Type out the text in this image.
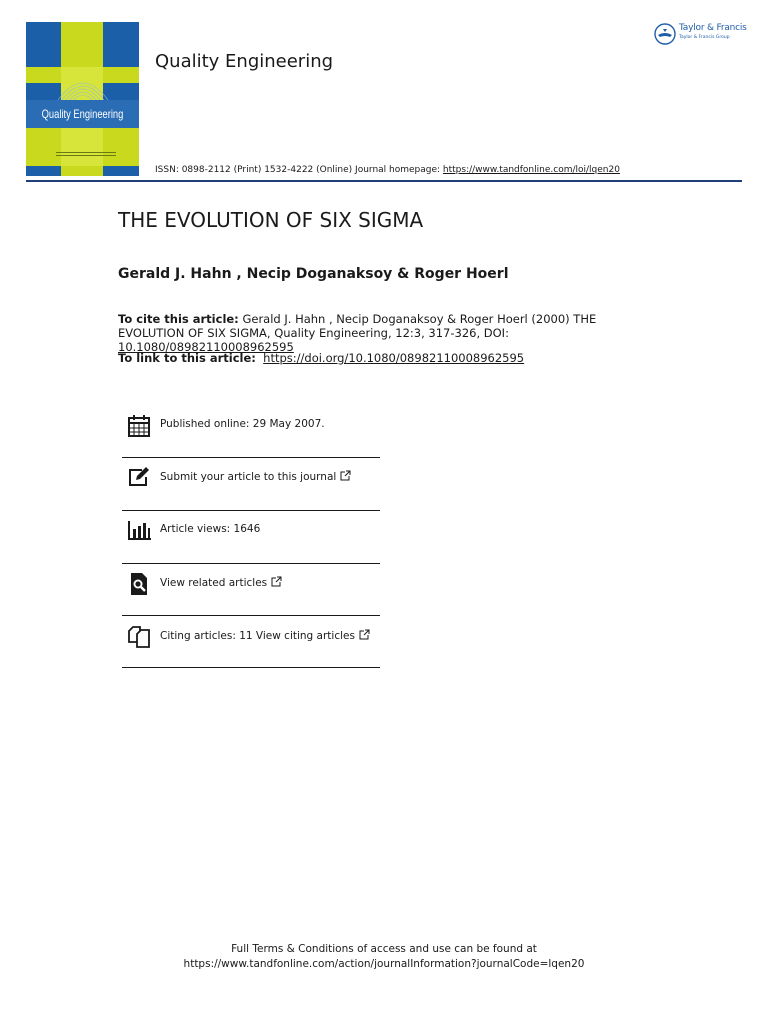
Quality Engineering
Quality Engineering
Taylor & Francis
Taylor & Francis Group
ISSN: 0898-2112 (Print) 1532-4222 (Online) Journal homepage: https://www.tandfonline.com/loi/lqen20
THE EVOLUTION OF SIX SIGMA
Gerald J. Hahn , Necip Doganaksoy & Roger Hoerl
To cite this article: Gerald J. Hahn , Necip Doganaksoy & Roger Hoerl (2000) THE EVOLUTION OF SIX SIGMA, Quality Engineering, 12:3, 317-326, DOI: 10.1080/08982110008962595
To link to this article: https://doi.org/10.1080/08982110008962595
Published online: 29 May 2007.
Submit your article to this journal
Article views: 1646
View related articles
Citing articles: 11 View citing articles
Full Terms & Conditions of access and use can be found at
https://www.tandfonline.com/action/journalInformation?journalCode=lqen20
